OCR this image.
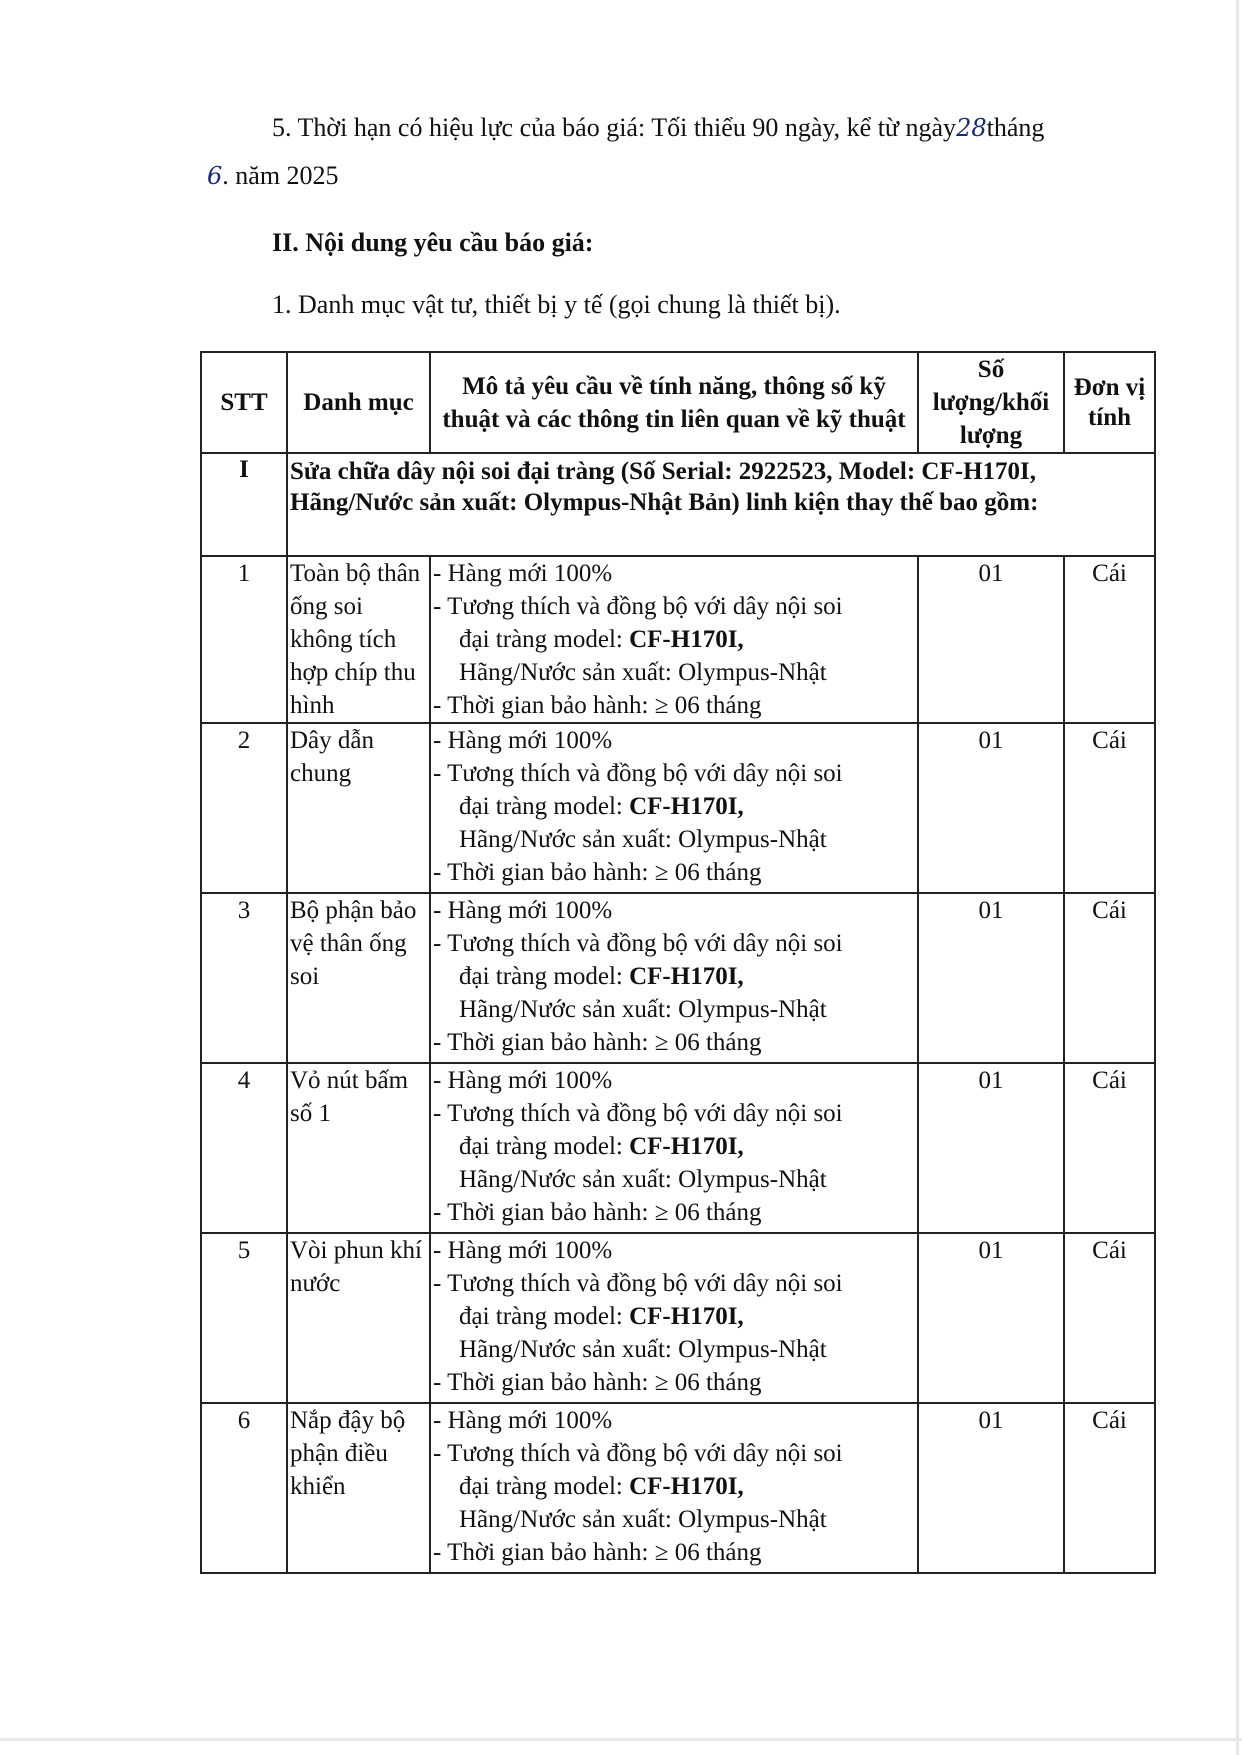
5. Thời hạn có hiệu lực của báo giá: Tối thiểu 90 ngày, kể từ ngày28tháng
6. năm 2025
II. Nội dung yêu cầu báo giá:
1. Danh mục vật tư, thiết bị y tế (gọi chung là thiết bị).
STT	Danh mục	Mô tả yêu cầu về tính năng, thông số kỹ thuật và các thông tin liên quan về kỹ thuật	Số lượng/khối lượng	Đơn vị tính
I	Sửa chữa dây nội soi đại tràng (Số Serial: 2922523, Model: CF-H170I, Hãng/Nước sản xuất: Olympus-Nhật Bản) linh kiện thay thế bao gồm:			
1	Toàn bộ thân ống soi không tích hợp chíp thu hình	- Hàng mới 100%
- Tương thích và đồng bộ với dây nội soi
đại tràng model: CF-H170I,
Hãng/Nước sản xuất: Olympus-Nhật
- Thời gian bảo hành: ≥ 06 tháng	01	Cái
2	Dây dẫn chung	- Hàng mới 100%
- Tương thích và đồng bộ với dây nội soi
đại tràng model: CF-H170I,
Hãng/Nước sản xuất: Olympus-Nhật
- Thời gian bảo hành: ≥ 06 tháng	01	Cái
3	Bộ phận bảo vệ thân ống soi	- Hàng mới 100%
- Tương thích và đồng bộ với dây nội soi
đại tràng model: CF-H170I,
Hãng/Nước sản xuất: Olympus-Nhật
- Thời gian bảo hành: ≥ 06 tháng	01	Cái
4	Vỏ nút bấm số 1	- Hàng mới 100%
- Tương thích và đồng bộ với dây nội soi
đại tràng model: CF-H170I,
Hãng/Nước sản xuất: Olympus-Nhật
- Thời gian bảo hành: ≥ 06 tháng	01	Cái
5	Vòi phun khí nước	- Hàng mới 100%
- Tương thích và đồng bộ với dây nội soi
đại tràng model: CF-H170I,
Hãng/Nước sản xuất: Olympus-Nhật
- Thời gian bảo hành: ≥ 06 tháng	01	Cái
6	Nắp đậy bộ phận điều khiển	- Hàng mới 100%
- Tương thích và đồng bộ với dây nội soi
đại tràng model: CF-H170I,
Hãng/Nước sản xuất: Olympus-Nhật
- Thời gian bảo hành: ≥ 06 tháng	01	Cái
